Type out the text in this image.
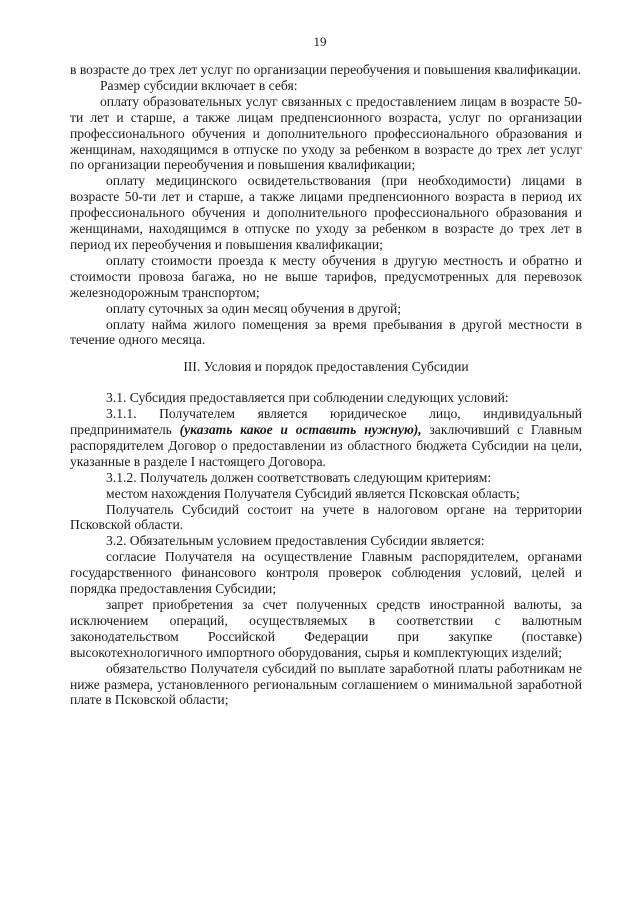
19

в возрасте до трех лет услуг по организации переобучения и повышения квалификации.

Размер субсидии включает в себя:

оплату образовательных услуг связанных с предоставлением лицам в возрасте 50-ти лет и старше, а также лицам предпенсионного возраста, услуг по организации профессионального обучения и дополнительного профессионального образования и женщинам, находящимся в отпуске по уходу за ребенком в возрасте до трех лет услуг по организации переобучения и повышения квалификации;

оплату медицинского освидетельствования (при необходимости) лицами в возрасте 50-ти лет и старше, а также лицами предпенсионного возраста в период их профессионального обучения и дополнительного профессионального образования и женщинами, находящимся в отпуске по уходу за ребенком в возрасте до трех лет в период их переобучения и повышения квалификации;

оплату стоимости проезда к месту обучения в другую местность и обратно и стоимости провоза багажа, но не выше тарифов, предусмотренных для перевозок железнодорожным транспортом;

оплату суточных за один месяц обучения в другой;

оплату найма жилого помещения за время пребывания в другой местности в течение одного месяца.

III. Условия и порядок предоставления Субсидии

3.1. Субсидия предоставляется при соблюдении следующих условий:

3.1.1. Получателем является юридическое лицо, индивидуальный предприниматель (указать какое и оставить нужную), заключивший с Главным распорядителем Договор о предоставлении из областного бюджета Субсидии на цели, указанные в разделе I настоящего Договора.

3.1.2. Получатель должен соответствовать следующим критериям:

местом нахождения Получателя Субсидий является Псковская область;

Получатель Субсидий состоит на учете в налоговом органе на территории Псковской области.

3.2. Обязательным условием предоставления Субсидии является:

согласие Получателя на осуществление Главным распорядителем, органами государственного финансового контроля проверок соблюдения условий, целей и порядка предоставления Субсидии;

запрет приобретения за счет полученных средств иностранной валюты, за исключением операций, осуществляемых в соответствии с валютным законодательством Российской Федерации при закупке (поставке) высокотехнологичного импортного оборудования, сырья и комплектующих изделий;

обязательство Получателя субсидий по выплате заработной платы работникам не ниже размера, установленного региональным соглашением о минимальной заработной плате в Псковской области;
